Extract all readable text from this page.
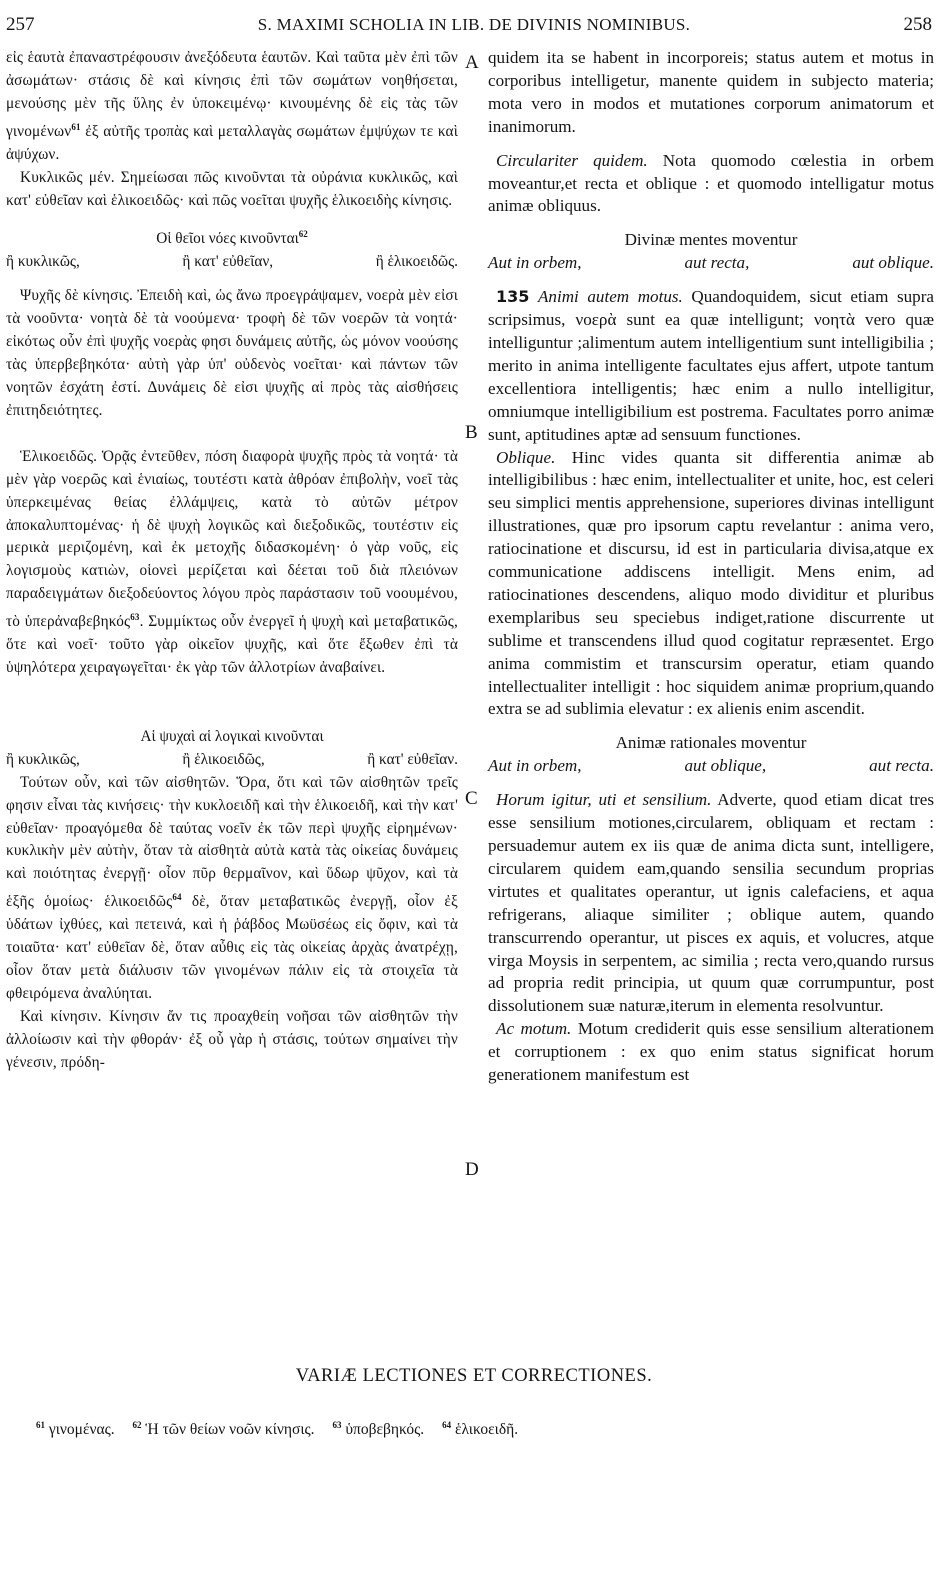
257	S. MAXIMI SCHOLIA IN LIB. DE DIVINIS NOMINIBUS.	258
A
B
C
D

εἰς ἑαυτὰ ἐπαναστρέφουσιν ἀνεξόδευτα ἑαυτῶν. Καὶ ταῦτα μὲν ἐπὶ τῶν ἀσωμάτων· στάσις δὲ καὶ κίνησις ἐπὶ τῶν σωμάτων νοηθήσεται, μενούσης μὲν τῆς ὕλης ἐν ὑποκειμένῳ· κινουμένης δὲ εἰς τὰς τῶν γινομένων$^{61}$ ἐξ αὐτῆς τροπὰς καὶ μεταλλαγὰς σωμάτων ἐμψύχων τε καὶ ἀψύχων.

Κυκλικῶς μέν. Σημείωσαι πῶς κινοῦνται τὰ οὐράνια κυκλικῶς, καὶ κατ' εὐθεῖαν καὶ ἑλικοειδῶς· καὶ πῶς νοεῖται ψυχῆς ἑλικοειδὴς κίνησις.

Οἱ θεῖοι νόες κινοῦνται$^{62}$
ἢ κυκλικῶς,	ἢ κατ' εὐθεῖαν,	ἢ ἑλικοειδῶς.

Ψυχῆς δὲ κίνησις. Ἐπειδὴ καὶ, ὡς ἄνω προεγράψαμεν, νοερὰ μὲν εἰσι τὰ νοοῦντα· νοητὰ δὲ τὰ νοούμενα· τροφὴ δὲ τῶν νοερῶν τὰ νοητά· εἰκότως οὖν ἐπὶ ψυχῆς νοερὰς φησι δυνάμεις αὐτῆς, ὡς μόνον νοούσης τὰς ὑπερβεβηκότα· αὐτὴ γὰρ ὑπ' οὐδενὸς νοεῖται· καὶ πάντων τῶν νοητῶν ἐσχάτη ἐστί. Δυνάμεις δὲ εἰσι ψυχῆς αἱ πρὸς τὰς αἰσθήσεις ἐπιτηδειότητες.

Ἑλικοειδῶς. Ὁρᾷς ἐντεῦθεν, πόση διαφορὰ ψυχῆς πρὸς τὰ νοητά· τὰ μὲν γὰρ νοερῶς καὶ ἑνιαίως, τουτέστι κατὰ ἀθρόαν ἐπιβολὴν, νοεῖ τὰς ὑπερκειμένας θείας ἐλλάμψεις, κατὰ τὸ αὐτῶν μέτρον ἀποκαλυπτομένας· ἡ δὲ ψυχὴ λογικῶς καὶ διεξοδικῶς, τουτέστιν εἰς μερικὰ μεριζομένη, καὶ ἐκ μετοχῆς διδασκομένη· ὁ γὰρ νοῦς, εἰς λογισμοὺς κατιὼν, οἱονεὶ μερίζεται καὶ δέεται τοῦ διὰ πλειόνων παραδειγμάτων διεξοδεύοντος λόγου πρὸς παράστασιν τοῦ νοουμένου, τὸ ὑπερἀναβεβηκός$^{63}$. Συμμίκτως οὖν ἐνεργεῖ ἡ ψυχὴ καὶ μεταβατικῶς, ὅτε καὶ νοεῖ· τοῦτο γὰρ οἰκεῖον ψυχῆς, καὶ ὅτε ἔξωθεν ἐπὶ τὰ ὑψηλότερα χειραγωγεῖται· ἐκ γὰρ τῶν ἀλλοτρίων ἀναβαίνει.

Αἱ ψυχαὶ αἱ λογικαὶ κινοῦνται
ἢ κυκλικῶς,	ἢ ἑλικοειδῶς,	ἢ κατ' εὐθεῖαν.

Τούτων οὖν, καὶ τῶν αἰσθητῶν. Ὅρα, ὅτι καὶ τῶν αἰσθητῶν τρεῖς φησιν εἶναι τὰς κινήσεις· τὴν κυκλοειδῆ καὶ τὴν ἑλικοειδῆ, καὶ τὴν κατ' εὐθεῖαν· προαγόμεθα δὲ ταύτας νοεῖν ἐκ τῶν περὶ ψυχῆς εἰρημένων· κυκλικὴν μὲν αὐτὴν, ὅταν τὰ αἰσθητὰ αὐτὰ κατὰ τὰς οἰκείας δυνάμεις καὶ ποιότητας ἐνεργῇ· οἷον πῦρ θερμαῖνον, καὶ ὕδωρ ψῦχον, καὶ τὰ ἑξῆς ὁμοίως· ἑλικοειδῶς$^{64}$ δὲ, ὅταν μεταβατικῶς ἐνεργῇ, οἷον ἐξ ὑδάτων ἰχθύες, καὶ πετεινά, καὶ ἡ ῥάβδος Μωϋσέως εἰς ὄφιν, καὶ τὰ τοιαῦτα· κατ' εὐθεῖαν δὲ, ὅταν αὖθις εἰς τὰς οἰκείας ἀρχὰς ἀνατρέχῃ, οἷον ὅταν μετὰ διάλυσιν τῶν γινομένων πάλιν εἰς τὰ στοιχεῖα τὰ φθειρόμενα ἀναλύηται.

Καὶ κίνησιν. Κίνησιν ἄν τις προαχθείη νοῆσαι τῶν αἰσθητῶν τὴν ἀλλοίωσιν καὶ τὴν φθοράν· ἐξ οὗ γὰρ ἡ στάσις, τούτων σημαίνει τὴν γένεσιν, πρόδη-

quidem ita se habent in incorporeis; status autem et motus in corporibus intelligetur, manente quidem in subjecto materia; mota vero in modos et mutationes corporum animatorum et inanimorum.

Circulariter quidem. Nota quomodo cœlestia in orbem moveantur,et recta et oblique : et quomodo intelligatur motus animæ obliquus.

Divinæ mentes moventur
Aut in orbem,	aut recta,	aut oblique.

135 Animi autem motus. Quandoquidem, sicut etiam supra scripsimus, νοερὰ sunt ea quæ intelligunt; νοητὰ vero quæ intelliguntur ;alimentum autem intelligentium sunt intelligibilia ; merito in anima intelligente facultates ejus affert, utpote tantum excellentiora intelligentis; hæc enim a nullo intelligitur, omniumque intelligibilium est postrema. Facultates porro animæ sunt, aptitudines aptæ ad sensuum functiones.

Oblique. Hinc vides quanta sit differentia animæ ab intelligibilibus : hæc enim, intellectualiter et unite, hoc, est celeri seu simplici mentis apprehensione, superiores divinas intelligunt illustrationes, quæ pro ipsorum captu revelantur : anima vero, ratiocinatione et discursu, id est in particularia divisa,atque ex communicatione addiscens intelligit. Mens enim, ad ratiocinationes descendens, aliquo modo dividitur et pluribus exemplaribus seu speciebus indiget,ratione discurrente ut sublime et transcendens illud quod cogitatur repræsentet. Ergo anima commistim et transcursim operatur, etiam quando intellectualiter intelligit : hoc siquidem animæ proprium,quando extra se ad sublimia elevatur : ex alienis enim ascendit.

Animæ rationales moventur
Aut in orbem,	aut oblique,	aut recta.

Horum igitur, uti et sensilium. Adverte, quod etiam dicat tres esse sensilium motiones,circularem, obliquam et rectam : persuademur autem ex iis quæ de anima dicta sunt, intelligere, circularem quidem eam,quando sensilia secundum proprias virtutes et qualitates operantur, ut ignis calefaciens, et aqua refrigerans, aliaque similiter ; oblique autem, quando transcurrendo operantur, ut pisces ex aquis, et volucres, atque virga Moysis in serpentem, ac similia ; recta vero,quando rursus ad propria redit principia, ut quum quæ corrumpuntur, post dissolutionem suæ naturæ,iterum in elementa resolvuntur.

Ac motum. Motum crediderit quis esse sensilium alterationem et corruptionem : ex quo enim status significat horum generationem manifestum est

VARIÆ LECTIONES ET CORRECTIONES.
$^{61}$ γινομένας. $^{62}$ Ἡ τῶν θείων νοῶν κίνησις. $^{63}$ ὑποβεβηκός. $^{64}$ ἑλικοειδῆ.
